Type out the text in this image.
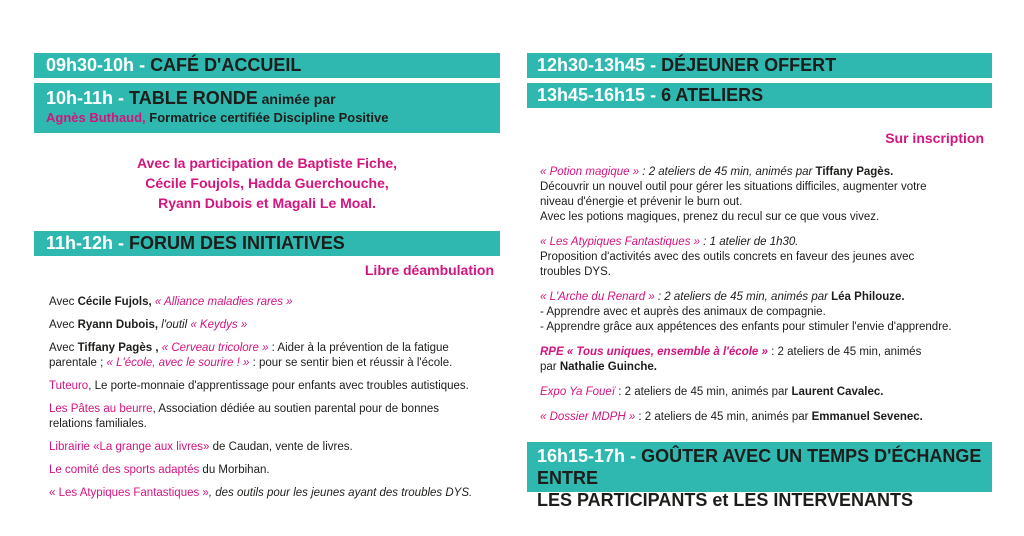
09h30-10h - CAFÉ D'ACCUEIL
10h-11h - TABLE RONDE animée par
Agnès Buthaud, Formatrice certifiée Discipline Positive
Avec la participation de Baptiste Fiche,
Cécile Foujols, Hadda Guerchouche,
Ryann Dubois et Magali Le Moal.
11h-12h - FORUM DES INITIATIVES
Libre déambulation
Avec Cécile Fujols, « Alliance maladies rares »
Avec Ryann Dubois, l'outil « Keydys »
Avec Tiffany Pagès , « Cerveau tricolore » : Aider à la prévention de la fatigue
parentale ; « L'école, avec le sourire ! » : pour se sentir bien et réussir à l'école.
Tuteuro, Le porte-monnaie d'apprentissage pour enfants avec troubles autistiques.
Les Pâtes au beurre, Association dédiée au soutien parental pour de bonnes
relations familiales.
Librairie «La grange aux livres» de Caudan, vente de livres.
Le comité des sports adaptés du Morbihan.
« Les Atypiques Fantastiques », des outils pour les jeunes ayant des troubles DYS.
12h30-13h45 - DÉJEUNER OFFERT
13h45-16h15 - 6 ATELIERS
Sur inscription
« Potion magique » : 2 ateliers de 45 min, animés par Tiffany Pagès.
Découvrir un nouvel outil pour gérer les situations difficiles, augmenter votre
niveau d'énergie et prévenir le burn out.
Avec les potions magiques, prenez du recul sur ce que vous vivez.
« Les Atypiques Fantastiques » : 1 atelier de 1h30.
Proposition d'activités avec des outils concrets en faveur des jeunes avec
troubles DYS.
« L'Arche du Renard » : 2 ateliers de 45 min, animés par Léa Philouze.
- Apprendre avec et auprès des animaux de compagnie.
- Apprendre grâce aux appétences des enfants pour stimuler l'envie d'apprendre.
RPE « Tous uniques, ensemble à l'école » : 2 ateliers de 45 min, animés
par Nathalie Guinche.
Expo Ya Foueï : 2 ateliers de 45 min, animés par Laurent Cavalec.
« Dossier MDPH » : 2 ateliers de 45 min, animés par Emmanuel Sevenec.
16h15-17h - GOÛTER AVEC UN TEMPS D'ÉCHANGE ENTRE
LES PARTICIPANTS et LES INTERVENANTS
